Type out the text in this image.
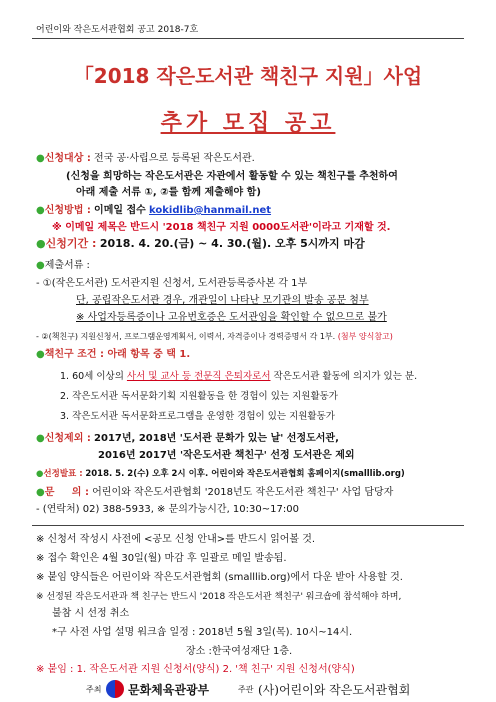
어린이와 작은도서관협회 공고 2018-7호
「2018 작은도서관 책친구 지원」사업
추가 모집 공고
●신청대상 : 전국 공·사립으로 등록된 작은도서관.
(신청을 희망하는 작은도서관은 자관에서 활동할 수 있는 책친구를 추천하여
아래 제출 서류 ①, ②를 함께 제출해야 함)
●신청방법 : 이메일 접수 kokidlib@hanmail.net
※ 이메일 제목은 반드시 '2018 책친구 지원 0000도서관'이라고 기재할 것.
●신청기간 : 2018. 4. 20.(금) ~ 4. 30.(월). 오후 5시까지 마감
●제출서류 :
- ①(작은도서관) 도서관지원 신청서, 도서관등록증사본 각 1부
단, 공립작은도서관 경우, 개관일이 나타난 모기관의 발송 공문 첨부
※ 사업자등록증이나 고유번호증은 도서관임을 확인할 수 없으므로 불가
- ②(책친구) 지원신청서, 프로그램운영계획서, 이력서, 자격증이나 경력증명서 각 1부. (첨부 양식참고)
●책친구 조건 : 아래 항목 중 택 1.
1. 60세 이상의 사서 및 교사 등 전문직 은퇴자로서 작은도서관 활동에 의지가 있는 분.
2. 작은도서관 독서문화기획 지원활동을 한 경험이 있는 지원활동가
3. 작은도서관 독서문화프로그램을 운영한 경험이 있는 지원활동가
●신청제외 : 2017년, 2018년 '도서관 문화가 있는 날' 선정도서관,
2016년 2017년 '작은도서관 책친구' 선정 도서관은 제외
●선정발표 : 2018. 5. 2(수) 오후 2시 이후. 어린이와 작은도서관협회 홈페이지(smalllib.org)
●문     의 : 어린이와 작은도서관협회 '2018년도 작은도서관 책친구' 사업 담당자
- (연락처) 02) 388-5933, ※ 문의가능시간, 10:30~17:00
※ 신청서 작성시 사전에 <공모 신청 안내>를 반드시 읽어볼 것.
※ 접수 확인은 4월 30일(월) 마감 후 일괄로 메일 발송됨.
※ 붙임 양식들은 어린이와 작은도서관협회 (smalllib.org)에서 다운 받아 사용할 것.
※ 선정된 작은도서관과 책 친구는 반드시 '2018 작은도서관 책친구' 워크숍에 참석해야 하며,
불참 시 선정 취소
*구 사전 사업 설명 워크숍 일정 : 2018년 5월 3일(목). 10시~14시.
장소 :한국여성재단 1층.
※ 붙임 : 1. 작은도서관 지원 신청서(양식) 2. '책 친구' 지원 신청서(양식)
주최 문화체육관광부	주관 (사)어린이와 작은도서관협회
